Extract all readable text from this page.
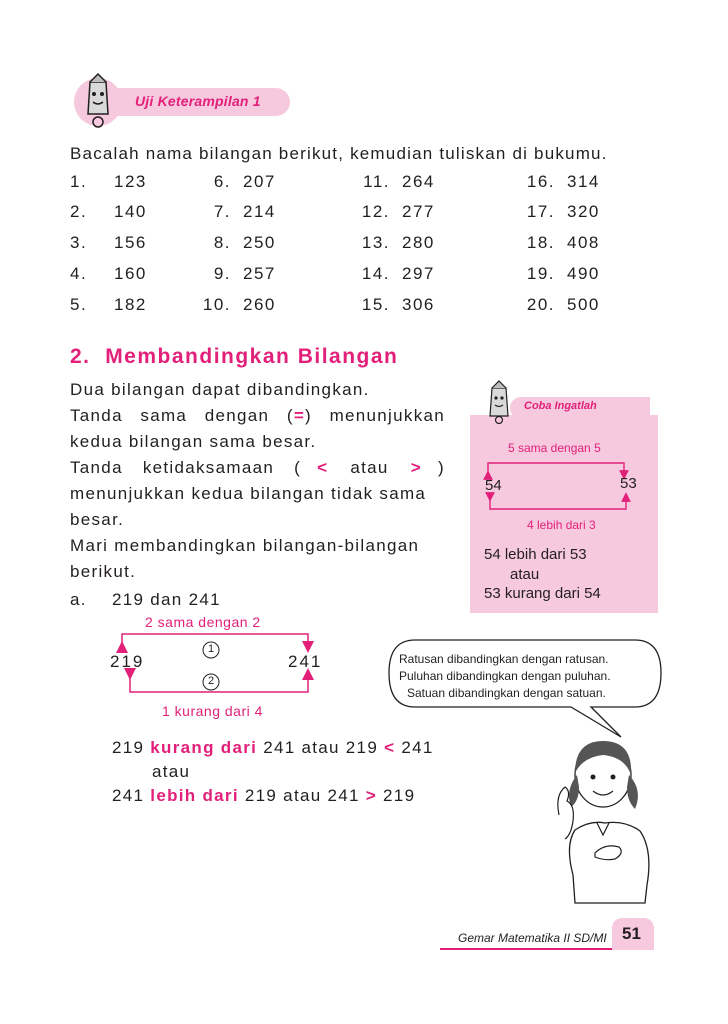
Uji Keterampilan 1
Bacalah nama bilangan berikut, kemudian tuliskan di bukumu.
1. 123	6. 207	11. 264	16. 314
2. 140	7. 214	12. 277	17. 320
3. 156	8. 250	13. 280	18. 408
4. 160	9. 257	14. 297	19. 490
5. 182	10. 260	15. 306	20. 500
2. Membandingkan Bilangan
Dua bilangan dapat dibandingkan.
Tanda sama dengan (=) menunjukkan
kedua bilangan sama besar.
Tanda ketidaksamaan ( < atau > )
menunjukkan kedua bilangan tidak sama
besar.
Mari membandingkan bilangan-bilangan
berikut.
a. 219 dan 241
2 sama dengan 2
1
2
219	241
1 kurang dari 4
219 kurang dari 241 atau 219 < 241
atau
241 lebih dari 219 atau 241 > 219
Coba Ingatlah
5 sama dengan 5
54	53
4 lebih dari 3
54 lebih dari 53
atau
53 kurang dari 54
Ratusan dibandingkan dengan ratusan.
Puluhan dibandingkan dengan puluhan.
Satuan dibandingkan dengan satuan.
Gemar Matematika II SD/MI 51
